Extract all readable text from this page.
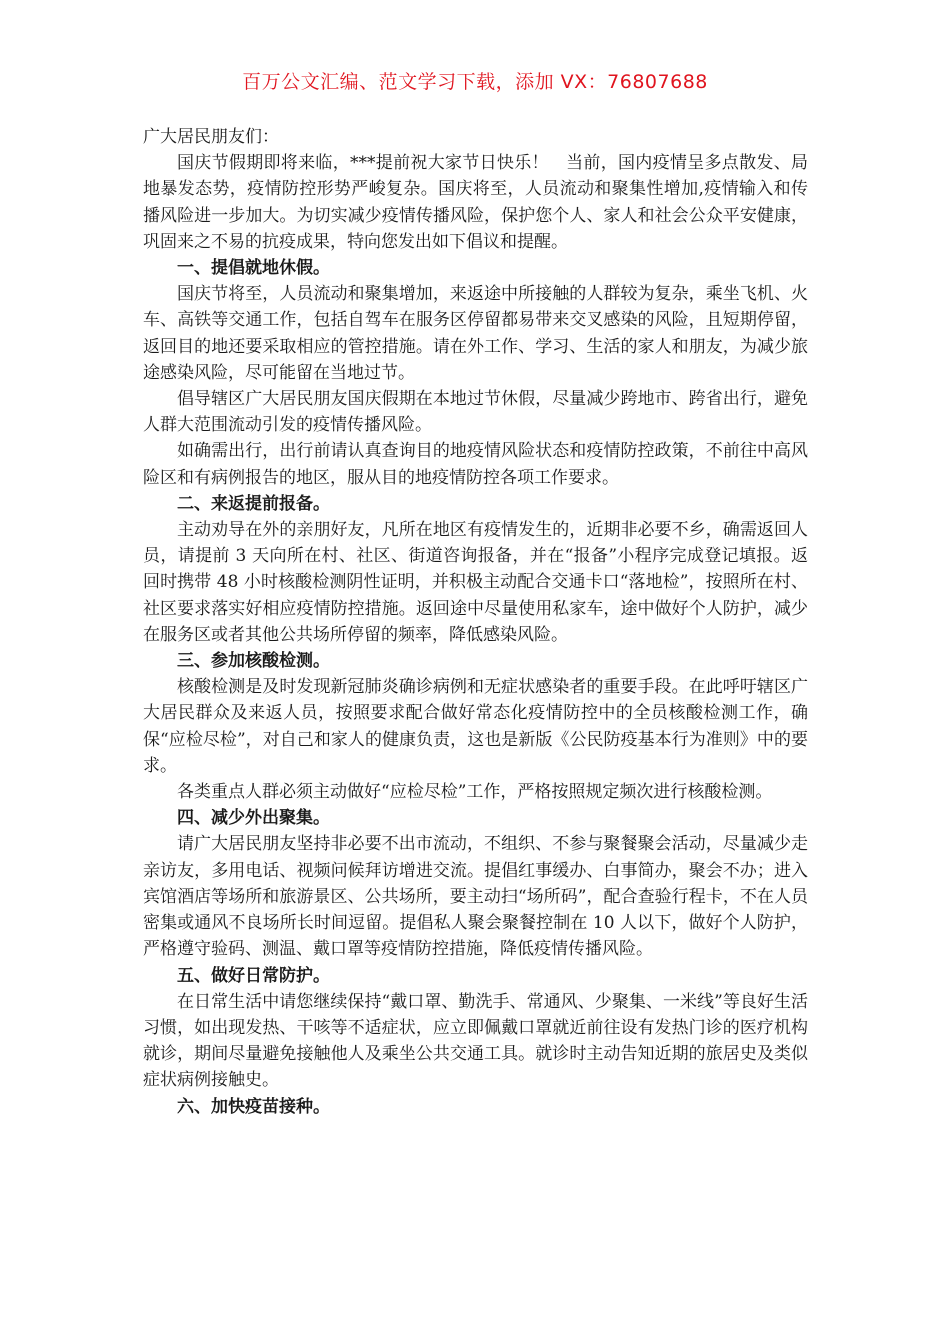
百万公文汇编、范文学习下载，添加 VX：76807688

广大居民朋友们：

国庆节假期即将来临，***提前祝大家节日快乐！　当前，国内疫情呈多点散发、局地暴发态势，疫情防控形势严峻复杂。国庆将至，人员流动和聚集性增加,疫情输入和传播风险进一步加大。为切实减少疫情传播风险，保护您个人、家人和社会公众平安健康，巩固来之不易的抗疫成果，特向您发出如下倡议和提醒。

一、提倡就地休假。

国庆节将至，人员流动和聚集增加，来返途中所接触的人群较为复杂，乘坐飞机、火车、高铁等交通工作，包括自驾车在服务区停留都易带来交叉感染的风险，且短期停留，返回目的地还要采取相应的管控措施。请在外工作、学习、生活的家人和朋友，为减少旅途感染风险，尽可能留在当地过节。

倡导辖区广大居民朋友国庆假期在本地过节休假，尽量减少跨地市、跨省出行，避免人群大范围流动引发的疫情传播风险。

如确需出行，出行前请认真查询目的地疫情风险状态和疫情防控政策，不前往中高风险区和有病例报告的地区，服从目的地疫情防控各项工作要求。

二、来返提前报备。

主动劝导在外的亲朋好友，凡所在地区有疫情发生的，近期非必要不乡，确需返回人员，请提前 3 天向所在村、社区、街道咨询报备，并在“报备”小程序完成登记填报。返回时携带 48 小时核酸检测阴性证明，并积极主动配合交通卡口“落地检”，按照所在村、社区要求落实好相应疫情防控措施。返回途中尽量使用私家车，途中做好个人防护，减少在服务区或者其他公共场所停留的频率，降低感染风险。

三、参加核酸检测。

核酸检测是及时发现新冠肺炎确诊病例和无症状感染者的重要手段。在此呼吁辖区广大居民群众及来返人员，按照要求配合做好常态化疫情防控中的全员核酸检测工作，确保“应检尽检”，对自己和家人的健康负责，这也是新版《公民防疫基本行为准则》中的要求。

各类重点人群必须主动做好“应检尽检”工作，严格按照规定频次进行核酸检测。

四、减少外出聚集。

请广大居民朋友坚持非必要不出市流动，不组织、不参与聚餐聚会活动，尽量减少走亲访友，多用电话、视频问候拜访增进交流。提倡红事缓办、白事简办，聚会不办；进入宾馆酒店等场所和旅游景区、公共场所，要主动扫“场所码”，配合查验行程卡，不在人员密集或通风不良场所长时间逗留。提倡私人聚会聚餐控制在 10 人以下，做好个人防护，严格遵守验码、测温、戴口罩等疫情防控措施，降低疫情传播风险。

五、做好日常防护。

在日常生活中请您继续保持“戴口罩、勤洗手、常通风、少聚集、一米线”等良好生活习惯，如出现发热、干咳等不适症状，应立即佩戴口罩就近前往设有发热门诊的医疗机构就诊，期间尽量避免接触他人及乘坐公共交通工具。就诊时主动告知近期的旅居史及类似症状病例接触史。

六、加快疫苗接种。
